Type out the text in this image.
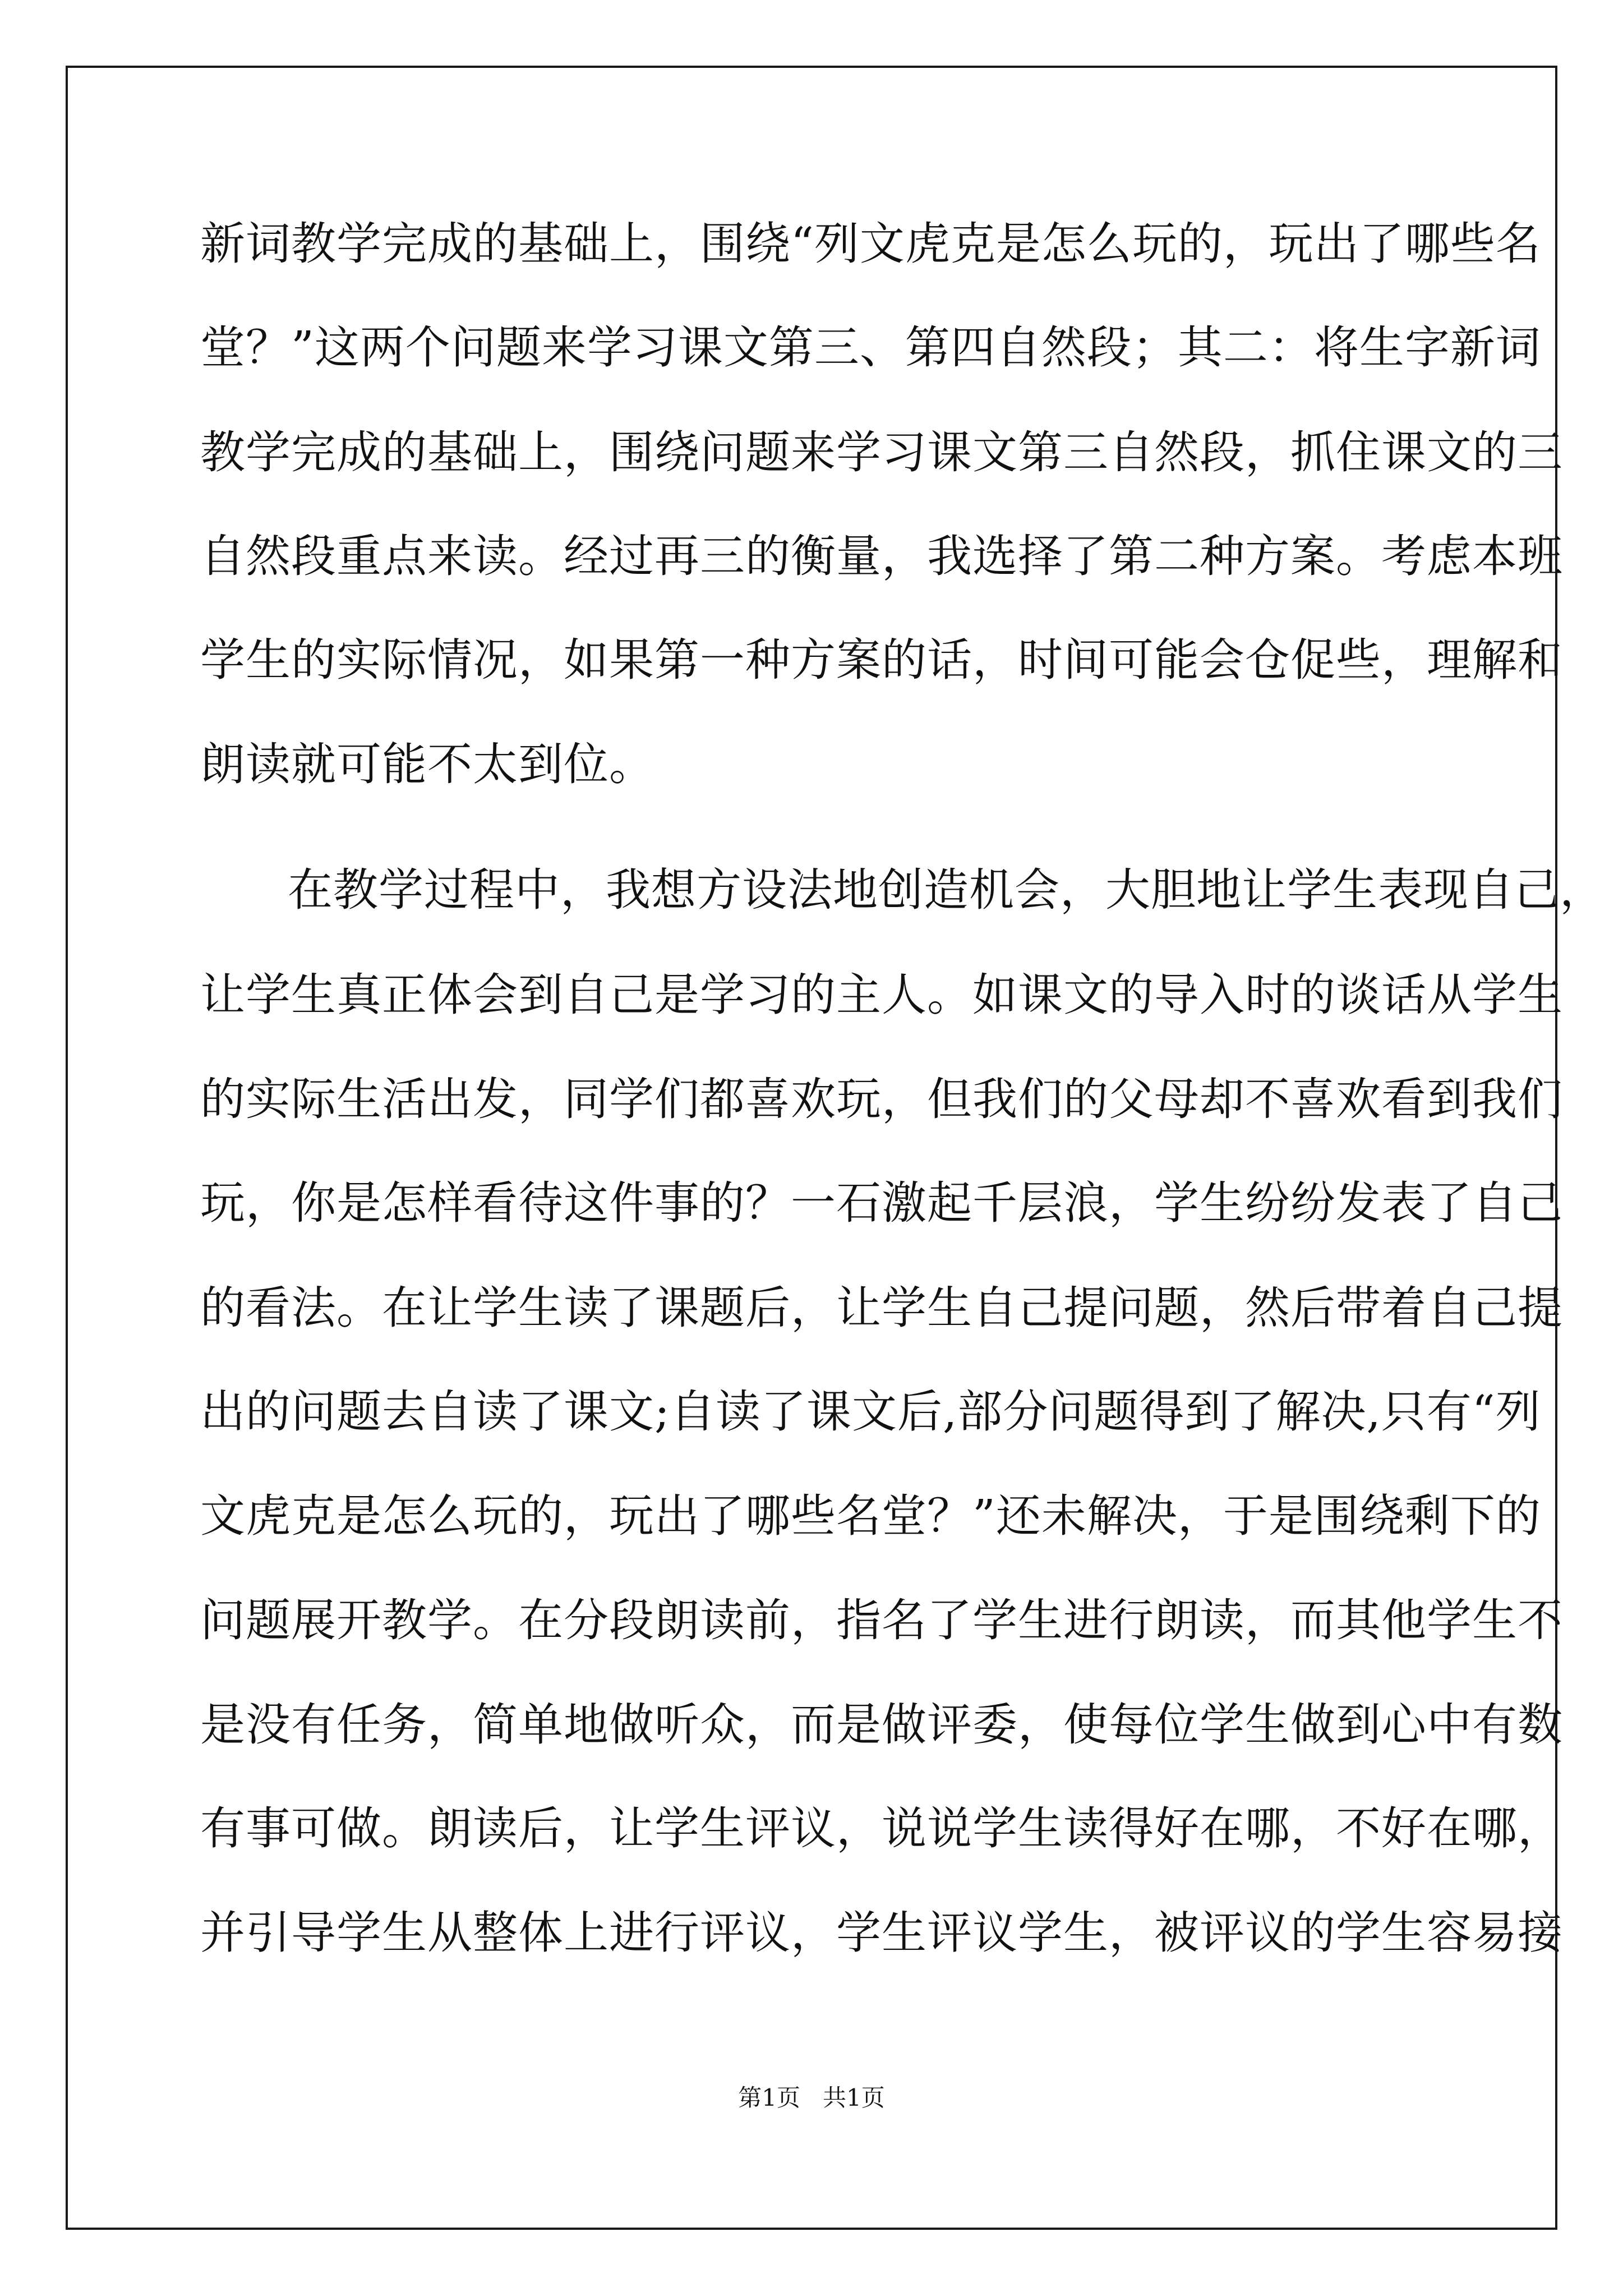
新词教学完成的基础上，围绕“列文虎克是怎么玩的，玩出了哪些名

堂？”这两个问题来学习课文第三、第四自然段；其二：将生字新词

教学完成的基础上，围绕问题来学习课文第三自然段，抓住课文的三

自然段重点来读。经过再三的衡量，我选择了第二种方案。考虑本班

学生的实际情况，如果第一种方案的话，时间可能会仓促些，理解和

朗读就可能不太到位。

在教学过程中，我想方设法地创造机会，大胆地让学生表现自己，

让学生真正体会到自己是学习的主人。如课文的导入时的谈话从学生

的实际生活出发，同学们都喜欢玩，但我们的父母却不喜欢看到我们

玩，你是怎样看待这件事的？一石激起千层浪，学生纷纷发表了自己

的看法。在让学生读了课题后，让学生自己提问题，然后带着自己提

出的问题去自读了课文;自读了课文后,部分问题得到了解决,只有“列

文虎克是怎么玩的，玩出了哪些名堂？”还未解决，于是围绕剩下的

问题展开教学。在分段朗读前，指名了学生进行朗读，而其他学生不

是没有任务，简单地做听众，而是做评委，使每位学生做到心中有数

有事可做。朗读后，让学生评议，说说学生读得好在哪，不好在哪，

并引导学生从整体上进行评议，学生评议学生，被评议的学生容易接

第1页   共1页
